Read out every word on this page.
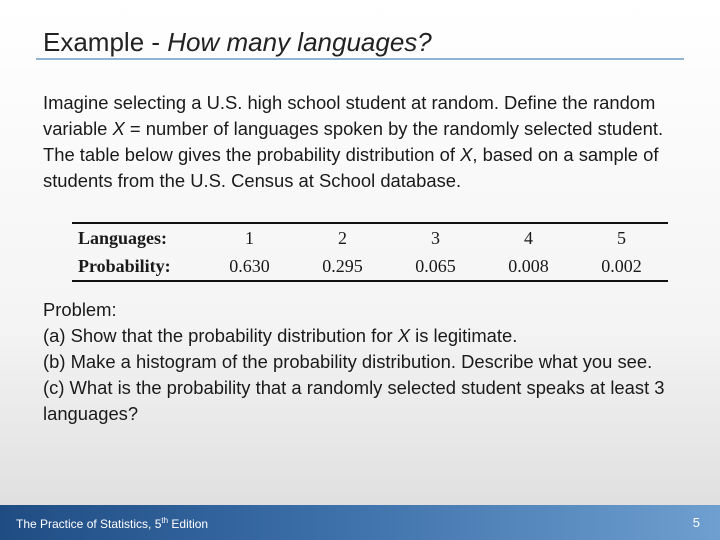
Example - How many languages?
Imagine selecting a U.S. high school student at random. Define the random variable X = number of languages spoken by the randomly selected student. The table below gives the probability distribution of X, based on a sample of students from the U.S. Census at School database.
Languages:	1	2	3	4	5
Probability:	0.630	0.295	0.065	0.008	0.002
Problem:
(a) Show that the probability distribution for X is legitimate.
(b) Make a histogram of the probability distribution. Describe what you see.
(c) What is the probability that a randomly selected student speaks at least 3 languages?
The Practice of Statistics, 5th Edition	5
